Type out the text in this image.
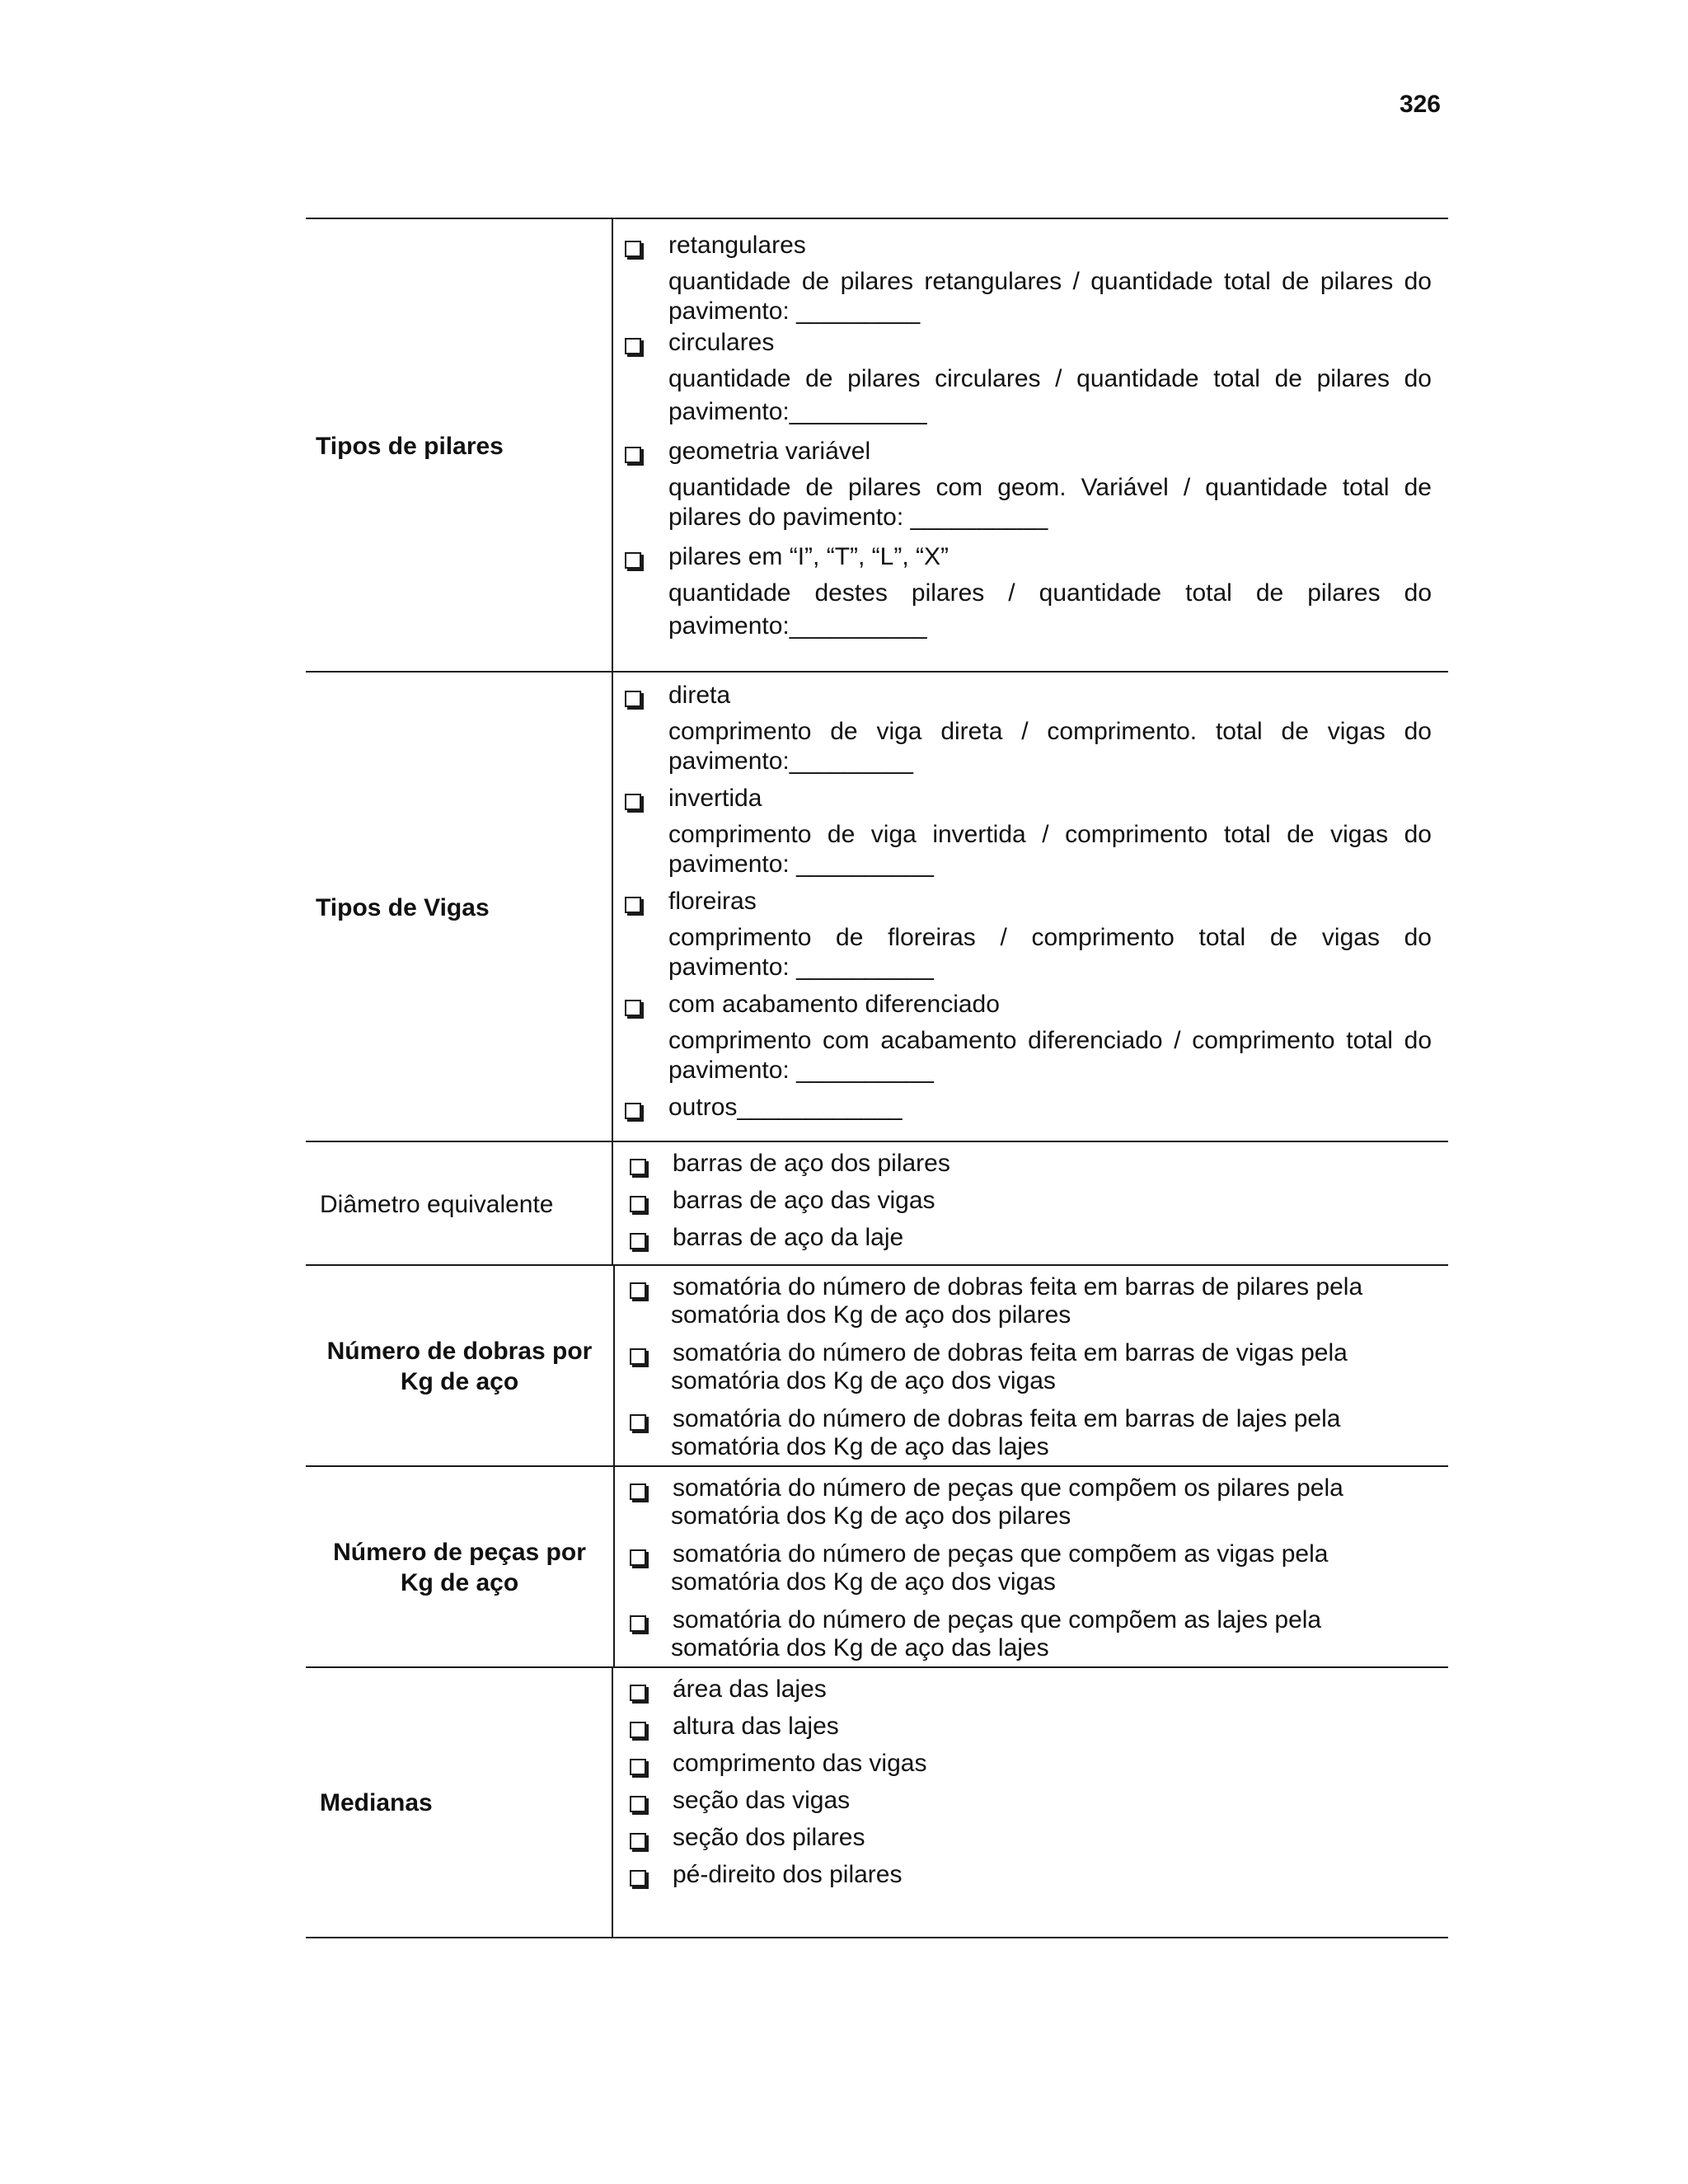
326
Tipos de pilares
retangulares
quantidade de pilares retangulares / quantidade total de pilares do
pavimento: _________
circulares
quantidade de pilares circulares / quantidade total de pilares do
pavimento:__________
geometria variável
quantidade de pilares com geom. Variável / quantidade total de
pilares do pavimento: __________
pilares em “I”, “T”, “L”, “X”
quantidade destes pilares / quantidade total de pilares do
pavimento:__________
Tipos de Vigas
direta
comprimento de viga direta / comprimento. total de vigas do
pavimento:_________
invertida
comprimento de viga invertida / comprimento total de vigas do
pavimento: __________
floreiras
comprimento de floreiras / comprimento total de vigas do
pavimento: __________
com acabamento diferenciado
comprimento com acabamento diferenciado / comprimento total do
pavimento: __________
outros____________
Diâmetro equivalente
barras de aço dos pilares
barras de aço das vigas
barras de aço da laje
Número de dobras por
Kg de aço
somatória do número de dobras feita em barras de pilares pela
somatória dos Kg de aço dos pilares
somatória do número de dobras feita em barras de vigas pela
somatória dos Kg de aço dos vigas
somatória do número de dobras feita em barras de lajes pela
somatória dos Kg de aço das lajes
Número de peças por
Kg de aço
somatória do número de peças que compõem os pilares pela
somatória dos Kg de aço dos pilares
somatória do número de peças que compõem as vigas pela
somatória dos Kg de aço dos vigas
somatória do número de peças que compõem as lajes pela
somatória dos Kg de aço das lajes
Medianas
área das lajes
altura das lajes
comprimento das vigas
seção das vigas
seção dos pilares
pé-direito dos pilares
